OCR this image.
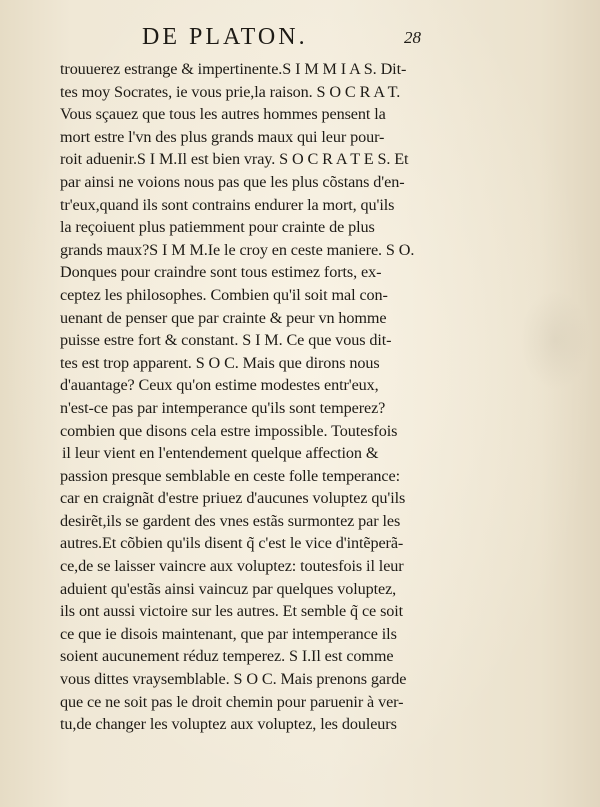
DE PLATON.	28
trouuerez estrange & impertinente.S I M M I A S. Dit-
tes moy Socrates, ie vous prie,la raison. S O C R A T.
Vous sçauez que tous les autres hommes pensent la
mort estre l'vn des plus grands maux qui leur pour-
roit aduenir.S I M.Il est bien vray. S O C R A T E S. Et
par ainsi ne voions nous pas que les plus cõstans d'en-
tr'eux,quand ils sont contrains endurer la mort, qu'ils
la reçoiuent plus patiemment pour crainte de plus
grands maux?S I M M.Ie le croy en ceste maniere. S O.
Donques pour craindre sont tous estimez forts, ex-
ceptez les philosophes. Combien qu'il soit mal con-
uenant de penser que par crainte & peur vn homme
puisse estre fort & constant. S I M. Ce que vous dit-
tes est trop apparent. S O C. Mais que dirons nous
d'auantage? Ceux qu'on estime modestes entr'eux,
n'est-ce pas par intemperance qu'ils sont temperez?
combien que disons cela estre impossible. Toutesfois
il leur vient en l'entendement quelque affection &
passion presque semblable en ceste folle temperance:
car en craignãt d'estre priuez d'aucunes voluptez qu'ils
desirẽt,ils se gardent des vnes estãs surmontez par les
autres.Et cõbien qu'ils disent q̃ c'est le vice d'intẽperã-
ce,de se laisser vaincre aux voluptez: toutesfois il leur
aduient qu'estãs ainsi vaincuz par quelques voluptez,
ils ont aussi victoire sur les autres. Et semble q̃ ce soit
ce que ie disois maintenant, que par intemperance ils
soient aucunement réduz temperez. S I.Il est comme
vous dittes vraysemblable. S O C. Mais prenons garde
que ce ne soit pas le droit chemin pour paruenir à ver-
tu,de changer les voluptez aux voluptez, les douleurs
